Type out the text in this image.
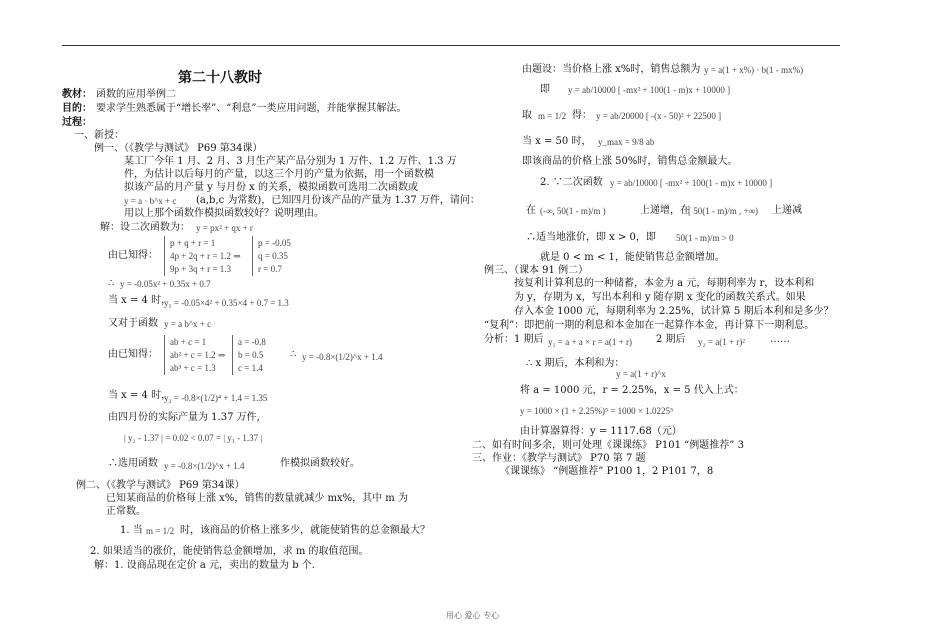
第二十八教时
教材： 函数的应用举例二
目的： 要求学生熟悉属于“增长率”、“利息”一类应用问题，并能掌握其解法。
过程：
一、新授：
例一、（《教学与测试》 P69 第34课）
某工厂今年 1 月、2 月、3 月生产某产品分别为 1 万件、1.2 万件、1.3 万
件，为估计以后每月的产量，以这三个月的产量为依据，用一个函数模
拟该产品的月产量 y 与月份 x 的关系，模拟函数可选用二次函数或
y = a · b^x + c (a,b,c 为常数)，已知四月份该产品的产量为 1.37 万件，请问：
用以上那个函数作模拟函数较好？说明理由。
解：设二次函数为： y = px² + qx + r
由已知得：
p + q + r = 1
4p + 2q + r = 1.2 ⇒
9p + 3q + r = 1.3
p = -0.05
q = 0.35
r = 0.7
∴ y = -0.05x² + 0.35x + 0.7
当 x = 4 时，
y₁ = -0.05×4² + 0.35×4 + 0.7 = 1.3
又对于函数 y = a b^x + c
由已知得：
ab + c = 1
ab² + c = 1.2 ⇒
ab³ + c = 1.3
a = -0.8
b = 0.5
c = 1.4
∴ y = -0.8×(1/2)^x + 1.4
当 x = 4 时，
y₂ = -0.8×(1/2)⁴ + 1.4 = 1.35
由四月份的实际产量为 1.37 万件,
| y₂ - 1.37 | = 0.02 < 0.07 = | y₁ - 1.37 |
∴选用函数 y = -0.8×(1/2)^x + 1.4	作模拟函数较好。
例二、（《教学与测试》 P69 第34课）
已知某商品的价格每上涨 x%，销售的数量就减少 mx%，其中 m 为
正常数。
1. 当 m = 1/2 时，该商品的价格上涨多少，就能使销售的总金额最大？
2. 如果适当的涨价，能使销售总金额增加，求 m 的取值范围。
解：1. 设商品现在定价 a 元，卖出的数量为 b 个.
由题设：当价格上涨 x%时，销售总额为 y = a(1 + x%) · b(1 - mx%)
即 y = ab/10000 [ -mx² + 100(1 - m)x + 10000 ]
取 m = 1/2 得： y = ab/20000 [ -(x - 50)² + 22500 ]
当 x = 50 时， y_max = 9/8 ab
即该商品的价格上涨 50%时，销售总金额最大。
2. ∵二次函数 y = ab/10000 [ -mx² + 100(1 - m)x + 10000 ]
在 (-∞, 50(1 - m)/m )	上递增，在
[ 50(1 - m)/m , +∞) 上递减
∴适当地涨价，即 x > 0，即 50(1 - m)/m > 0
就是 0 < m < 1，能使销售总金额增加。
例三、（课本 91 例二）
按复利计算利息的一种储蓄，本金为 a 元，每期利率为 r，设本利和
为 y，存期为 x，写出本利和 y 随存期 x 变化的函数关系式。如果
存入本金 1000 元，每期利率为 2.25%，试计算 5 期后本利和是多少？
“复利”：即把前一期的利息和本金加在一起算作本金，再计算下一期利息。
分析：1 期后 y₁ = a + a × r = a(1 + r) 2 期后 y₂ = a(1 + r)²	……
∴ x 期后，本利和为：
y = a(1 + r)^x
将 a = 1000 元，r = 2.25%，x = 5 代入上式：
y = 1000 × (1 + 2.25%)⁵ = 1000 × 1.0225⁵
由计算器算得：y = 1117.68（元）
二、如有时间多余，则可处理《课课练》 P101 “例题推荐” 3
三、作业：《教学与测试》 P70 第 7 题
《课课练》 “例题推荐” P100 1，2 P101 7，8
用心 爱心 专心
